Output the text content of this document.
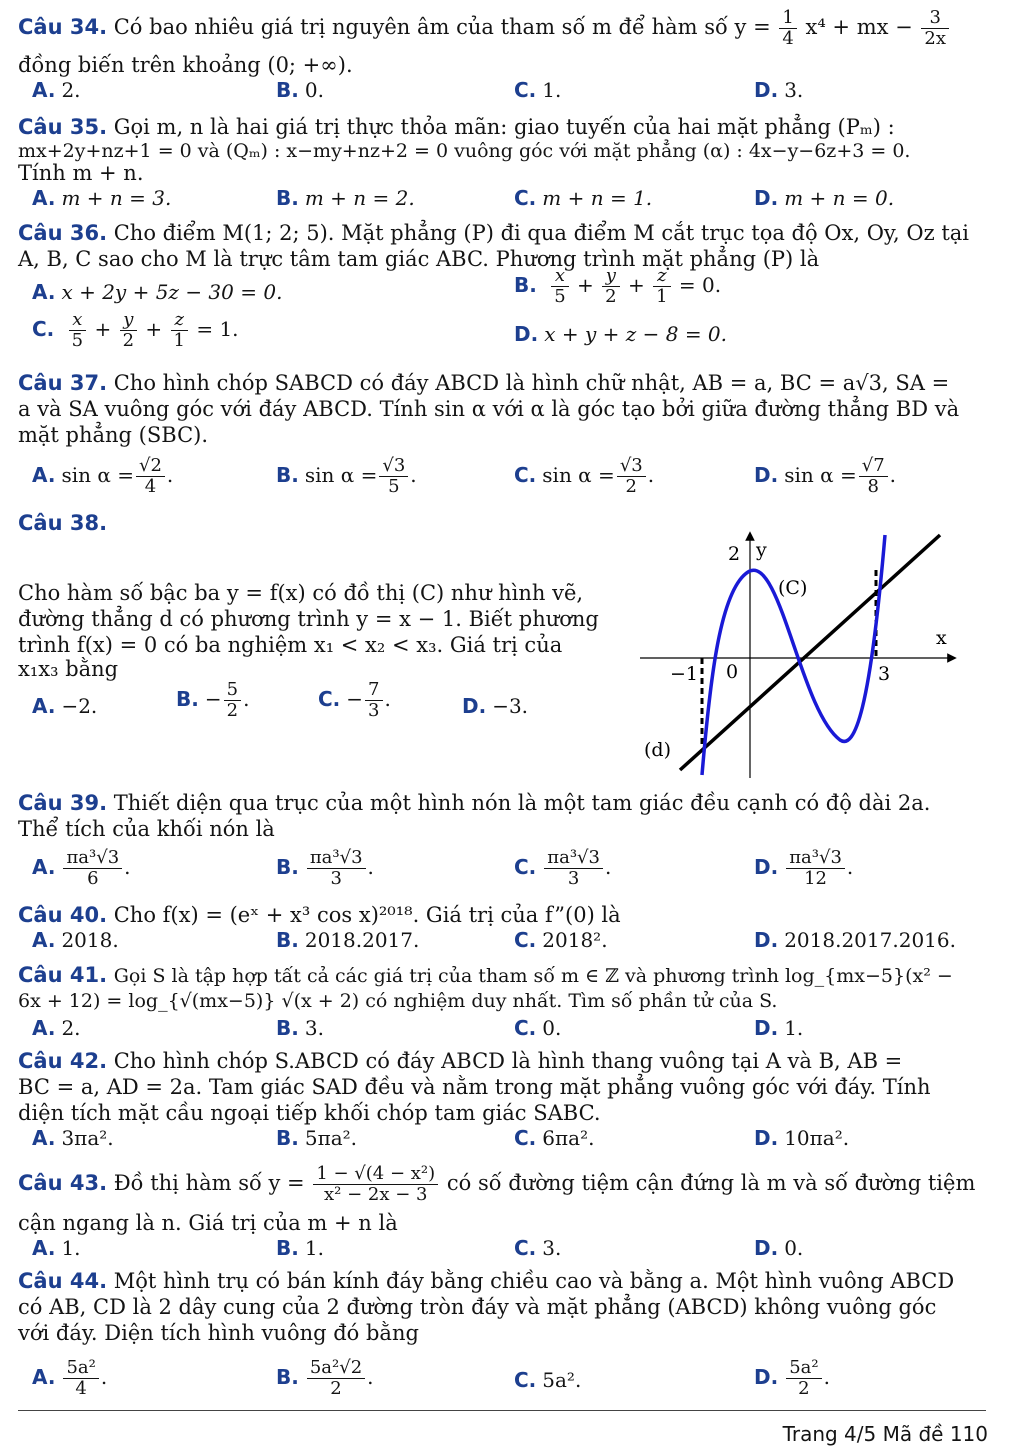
Câu 34. Có bao nhiêu giá trị nguyên âm của tham số m để hàm số $y = \frac{1}{4} x^4$ + mx − $\frac{3}{2x}$
đồng biến trên khoảng (0; +∞).
A. 2.	B. 0.	C. 1.	D. 3.
Câu 35. Gọi m, n là hai giá trị thực thỏa mãn: giao tuyến của hai mặt phẳng (Pₘ) :
mx+2y+nz+1 = 0 và (Qₘ) : x−my+nz+2 = 0 vuông góc với mặt phẳng (α) : 4x−y−6z+3 = 0.
Tính m + n.
A. m + n = 3.	B. m + n = 2.	C. m + n = 1.	D. m + n = 0.
Câu 36. Cho điểm M(1; 2; 5). Mặt phẳng (P) đi qua điểm M cắt trục tọa độ Ox, Oy, Oz tại
A, B, C sao cho M là trực tâm tam giác ABC. Phương trình mặt phẳng (P) là
A. x + 2y + 5z − 30 = 0.	B. $\frac{x}{5} + \frac{y}{2} + \frac{z}{1} = 0$.
C. $\frac{x}{5} + \frac{y}{2} + \frac{z}{1} = 1$.	D. x + y + z − 8 = 0.
Câu 37. Cho hình chóp SABCD có đáy ABCD là hình chữ nhật, AB = a, BC = a√3, SA =
a và SA vuông góc với đáy ABCD. Tính sin α với α là góc tạo bởi giữa đường thẳng BD và
mặt phẳng (SBC).
A. $\sin \alpha = \frac{√2}{4}$ .	B. $\sin \alpha = \frac{√3}{5}$ .	C. $\sin \alpha = \frac{√3}{2}$ .	D. $\sin \alpha = \frac{√7}{8}$ .
Câu 38.
Cho hàm số bậc ba y = f(x) có đồ thị (C) như hình vẽ,
đường thẳng d có phương trình y = x − 1. Biết phương
trình f(x) = 0 có ba nghiệm x₁ < x₂ < x₃. Giá trị của
x₁x₃ bằng
A. −2.	B. − $\frac{5}{2}$ .	C. − $\frac{7}{3}$ .	D. −3.
2 y
(C)
x
−1 0	3
(d)
Câu 39. Thiết diện qua trục của một hình nón là một tam giác đều cạnh có độ dài 2a.
Thể tích của khối nón là
A. $\frac{\text{πa³√3}}{6}$ .	B. $\frac{\text{πa³√3}}{3}$ .	C. $\frac{\text{πa³√3}}{3}$ .	D. $\frac{\text{πa³√3}}{12}$ .
Câu 40. Cho f(x) = (eˣ + x³ cos x)²⁰¹⁸. Giá trị của f”(0) là
A. 2018.	B. 2018.2017.	C. 2018².	D. 2018.2017.2016.
Câu 41. Gọi S là tập hợp tất cả các giá trị của tham số m ∈ ℤ và phương trình log_{mx−5}(x² −
6x + 12) = log_{√(mx−5)} √(x + 2) có nghiệm duy nhất. Tìm số phần tử của S.
A. 2.	B. 3.	C. 0.	D. 1.
Câu 42. Cho hình chóp S.ABCD có đáy ABCD là hình thang vuông tại A và B, AB =
BC = a, AD = 2a. Tam giác SAD đều và nằm trong mặt phẳng vuông góc với đáy. Tính
diện tích mặt cầu ngoại tiếp khối chóp tam giác SABC.
A. 3πa².	B. 5πa².	C. 6πa².	D. 10πa².
Câu 43. Đồ thị hàm số $y = \frac{\text{1 − √(4 − x²)}}{\text{x² − 2x − 3}}$ có số đường tiệm cận đứng là m và số đường tiệm
cận ngang là n. Giá trị của m + n là
A. 1.	B. 1.	C. 3.	D. 0.
Câu 44. Một hình trụ có bán kính đáy bằng chiều cao và bằng a. Một hình vuông ABCD
có AB, CD là 2 dây cung của 2 đường tròn đáy và mặt phẳng (ABCD) không vuông góc
với đáy. Diện tích hình vuông đó bằng
A. $\frac{\text{5a²}}{4}$ .	B. $\frac{\text{5a²√2}}{2}$ .	C. 5a².	D. $\frac{\text{5a²}}{2}$ .
Trang 4/5 Mã đề 110
